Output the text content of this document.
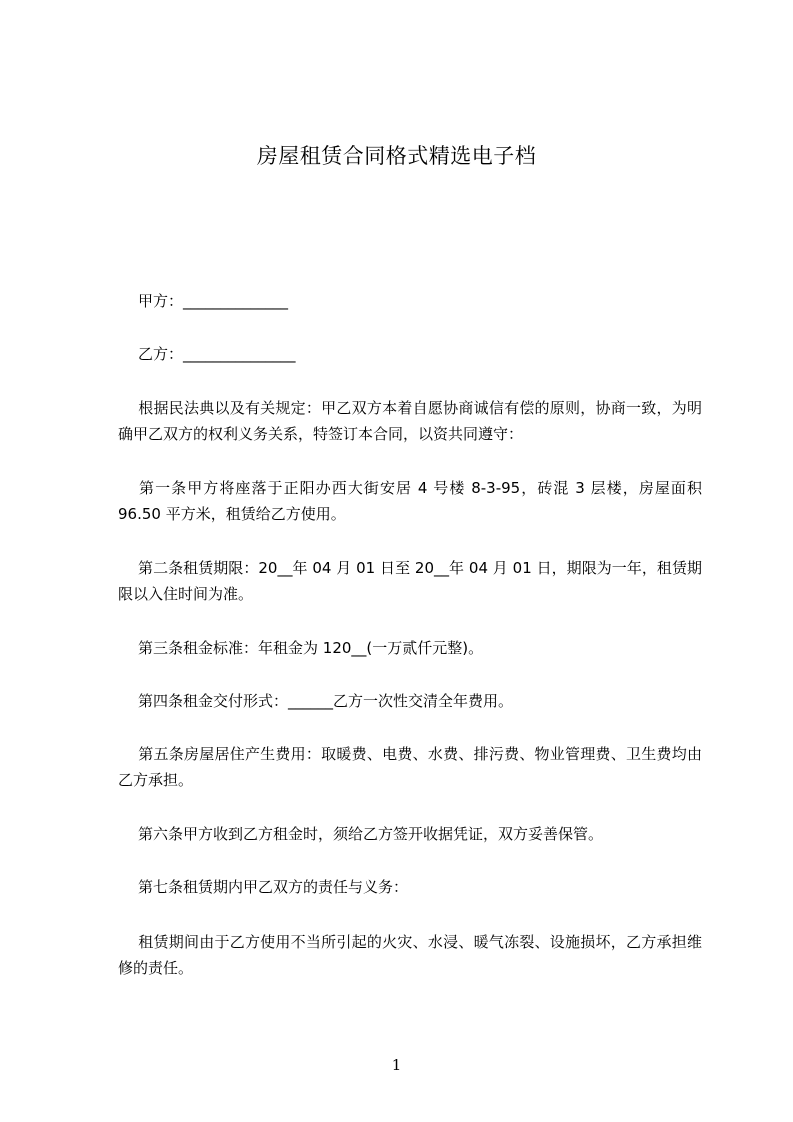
房屋租赁合同格式精选电子档
甲方：______________
乙方：_______________
根据民法典以及有关规定：甲乙双方本着自愿协商诚信有偿的原则，协商一致，为明确甲乙双方的权利义务关系，特签订本合同，以资共同遵守：
第一条甲方将座落于正阳办西大街安居 4 号楼 8-3-95，砖混 3 层楼，房屋面积 96.50 平方米，租赁给乙方使用。
第二条租赁期限：20__年 04 月 01 日至 20__年 04 月 01 日，期限为一年，租赁期限以入住时间为准。
第三条租金标准：年租金为 120__(一万贰仟元整)。
第四条租金交付形式：______乙方一次性交清全年费用。
第五条房屋居住产生费用：取暖费、电费、水费、排污费、物业管理费、卫生费均由乙方承担。
第六条甲方收到乙方租金时，须给乙方签开收据凭证，双方妥善保管。
第七条租赁期内甲乙双方的责任与义务：
租赁期间由于乙方使用不当所引起的火灾、水浸、暖气冻裂、设施损坏，乙方承担维修的责任。
1
